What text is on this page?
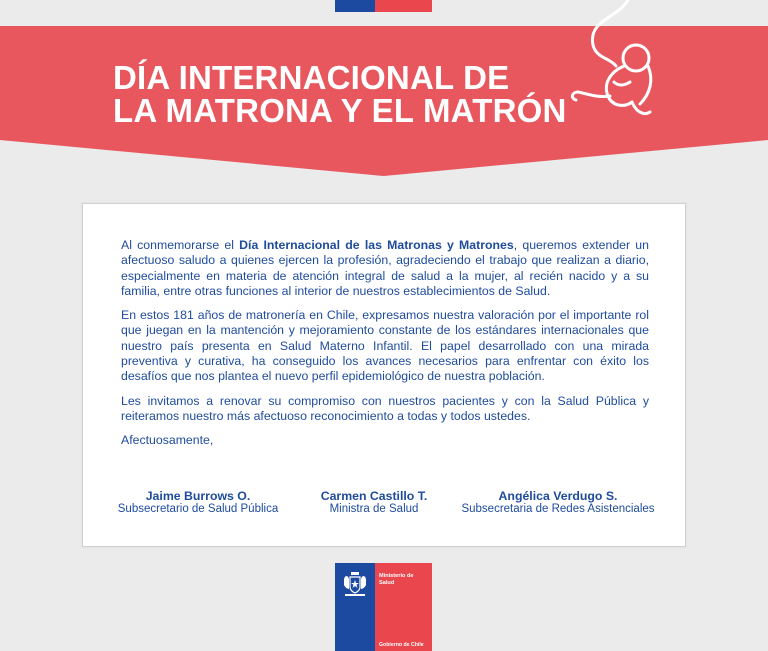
DÍA INTERNACIONAL DE
LA MATRONA Y EL MATRÓN

Al conmemorarse el Día Internacional de las Matronas y Matrones, queremos extender un afectuoso saludo a quienes ejercen la profesión, agradeciendo el trabajo que realizan a diario, especialmente en materia de atención integral de salud a la mujer, al recién nacido y a su familia, entre otras funciones al interior de nuestros establecimientos de Salud.

En estos 181 años de matronería en Chile, expresamos nuestra valoración por el importante rol que juegan en la mantención y mejoramiento constante de los estándares internacionales que nuestro país presenta en Salud Materno Infantil. El papel desarrollado con una mirada preventiva y curativa, ha conseguido los avances necesarios para enfrentar con éxito los desafíos que nos plantea el nuevo perfil epidemiológico de nuestra población.

Les invitamos a renovar su compromiso con nuestros pacientes y con la Salud Pública y reiteramos nuestro más afectuoso reconocimiento a todas y todos ustedes.

Afectuosamente,

Jaime Burrows O.
Subsecretario de Salud Pública
Carmen Castillo T.
Ministra de Salud
Angélica Verdugo S.
Subsecretaria de Redes Asistenciales
Ministerio de
Salud
Gobierno de Chile
